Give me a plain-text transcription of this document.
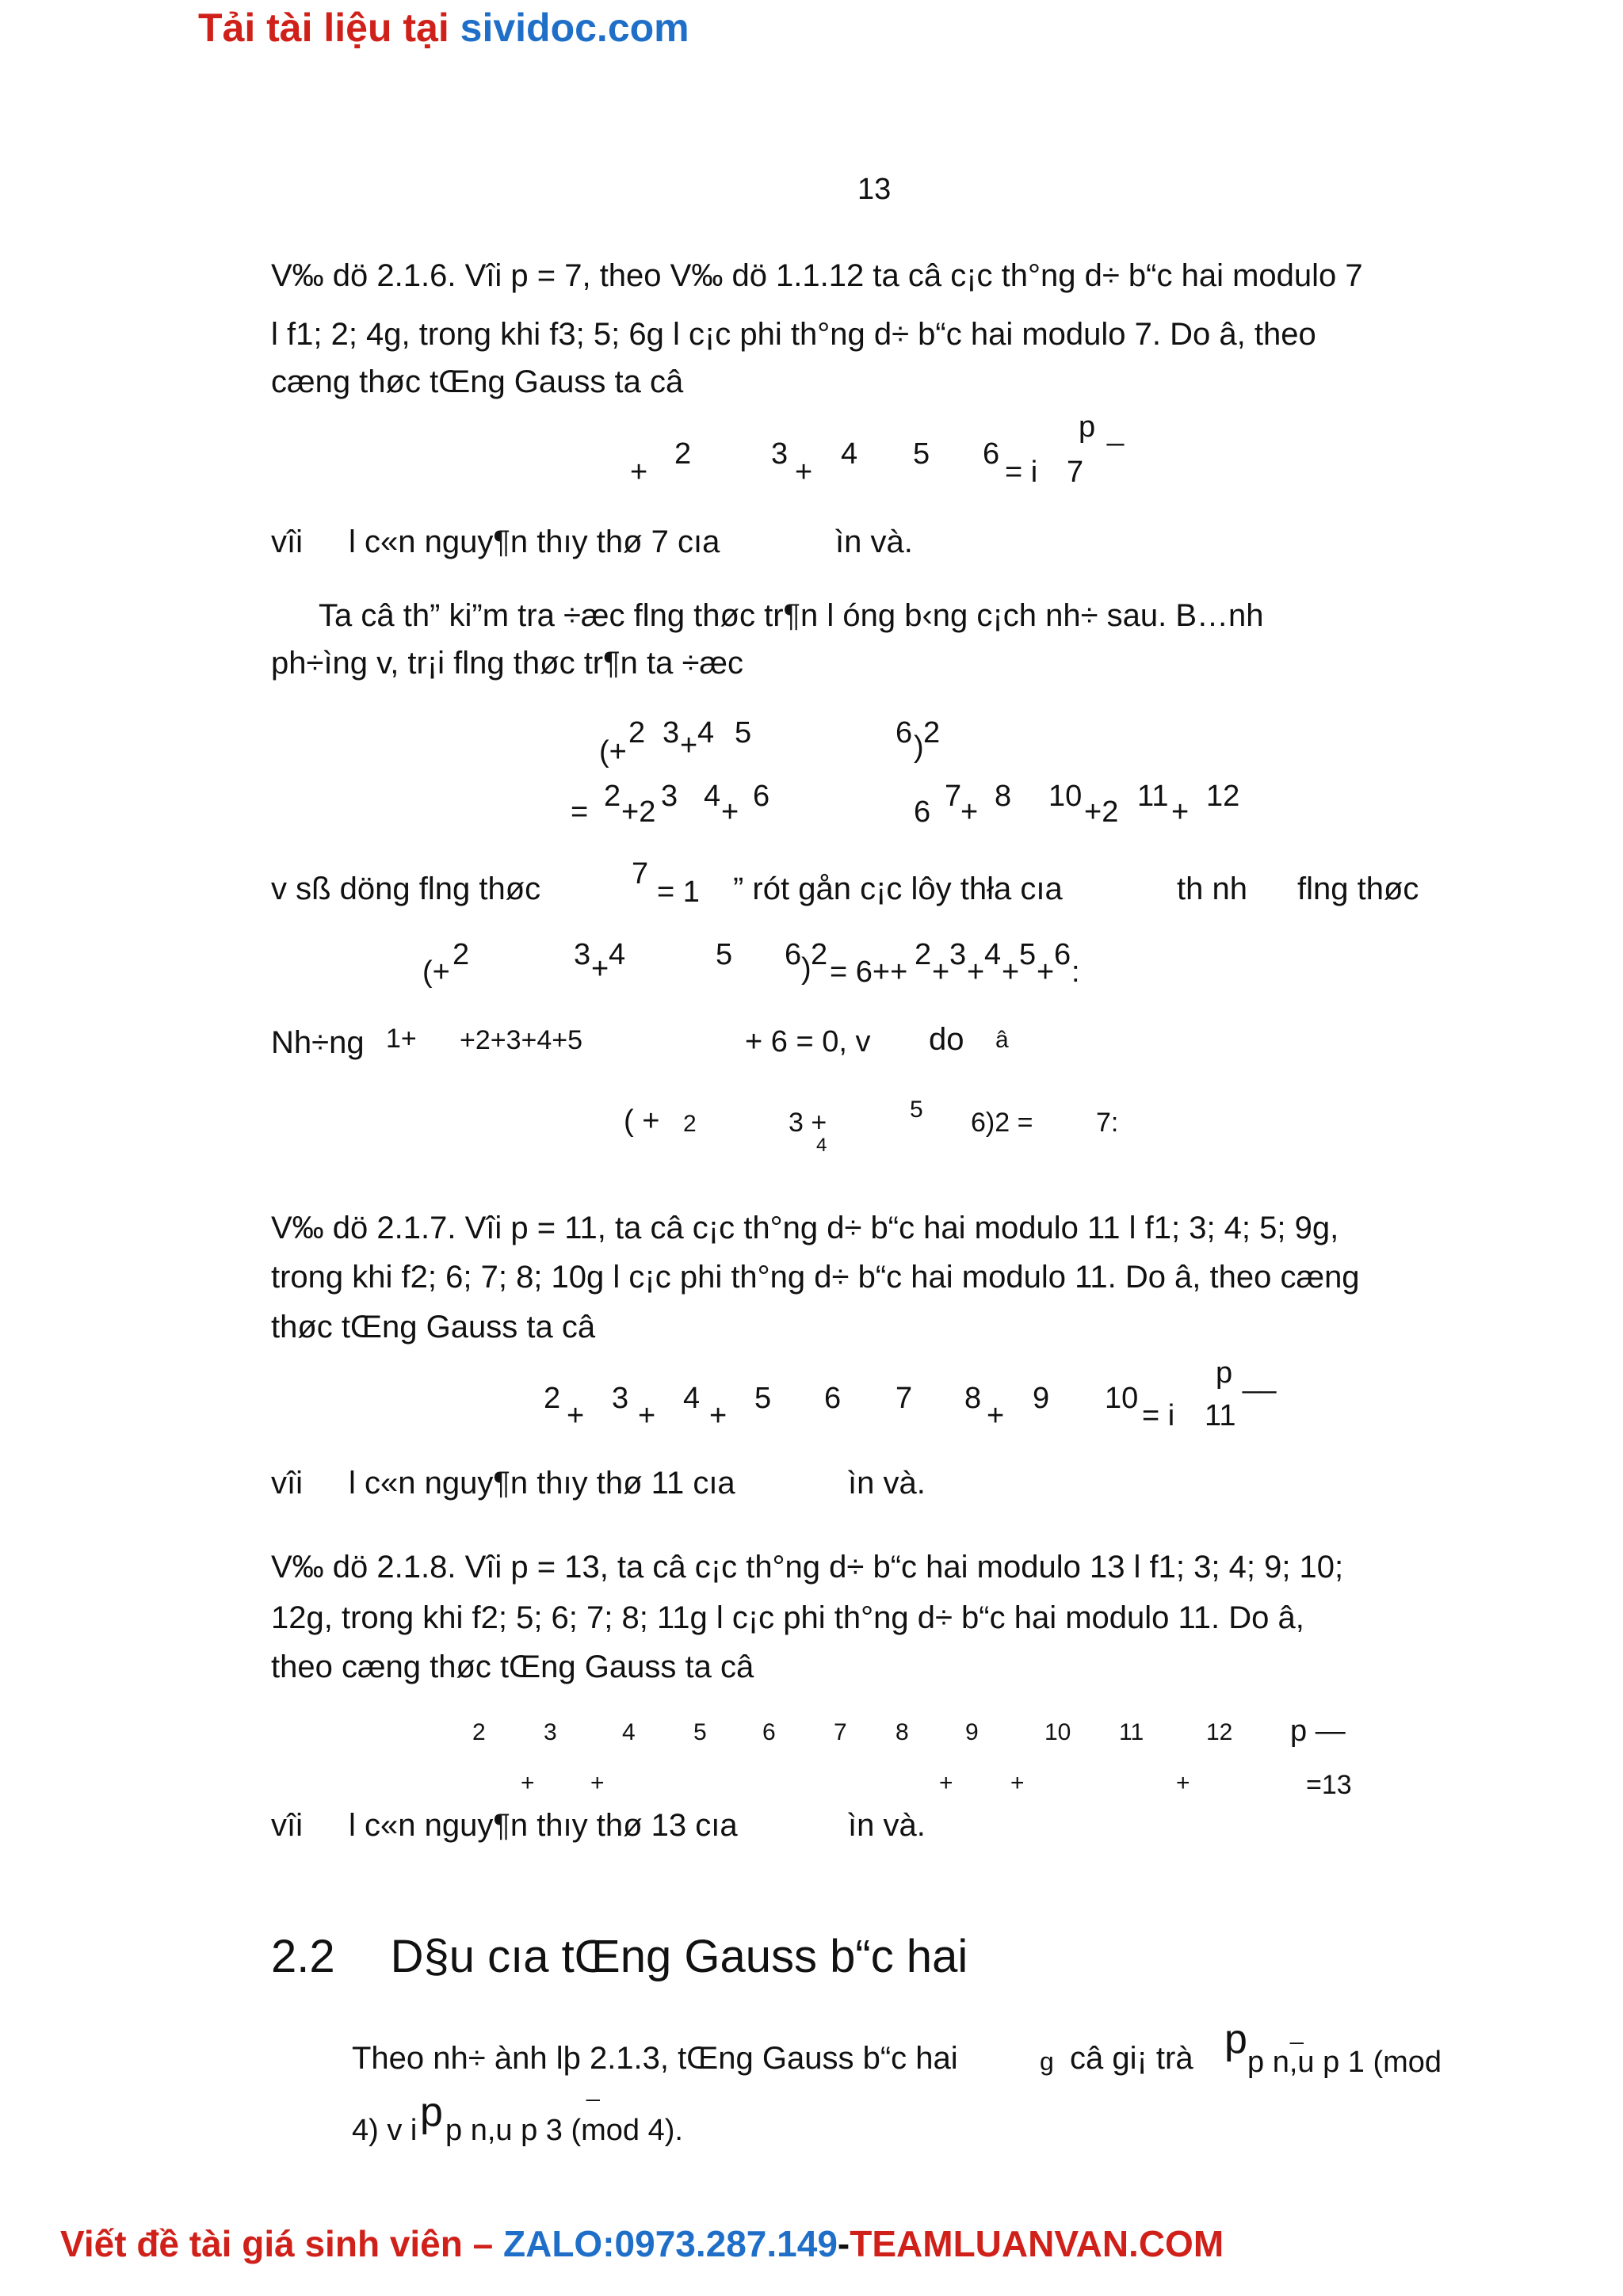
Tải tài liệu tại sividoc.com
13
V‰ dö 2.1.6. Vîi p = 7, theo V‰ dö 1.1.12 ta câ c¡c th°ng d÷ b“c hai modulo 7
l f1; 2; 4g, trong khi f3; 5; 6g l c¡c phi th°ng d÷ b“c hai modulo 7. Do â, theo
cæng thøc tŒng Gauss ta câ
p _
+
2	3
+
4 5 6
= i 7
vîi l c«n nguy¶n thıy thø 7 cıa	ìn và.
Ta câ th” ki”m tra ÷æc flng thøc tr¶n l óng b‹ng c¡ch nh÷ sau. B…nh
ph÷ìng v, tr¡i flng thøc tr¶n ta ÷æc
(+
2 3 + 4 5	6 ) 2
= 2 +2 3 4 + 6	6 7
+ 8 10 +2 11 + 12
v sß döng flng thøc	7
= 1 ” rót gån c¡c lôy thła cıa	th nh flng thøc
(+
2	3 + 4	5 6 ) 2
= 6++
2
+
3
+
4
+
5
+
6
:
Nh÷ng 1+ +2+3+4+5	+ 6 = 0, v do â
( + 2	3 +
4
5 6)2 = 7:
V‰ dö 2.1.7. Vîi p = 11, ta câ c¡c th°ng d÷ b“c hai modulo 11 l f1; 3; 4; 5; 9g,
trong khi f2; 6; 7; 8; 10g l c¡c phi th°ng d÷ b“c hai modulo 11. Do â, theo cæng
thøc tŒng Gauss ta câ
p __
2
+
3
+
4
+
5 6 7 8
+
9 10
= i 11
vîi l c«n nguy¶n thıy thø 11 cıa	ìn và.
V‰ dö 2.1.8. Vîi p = 13, ta câ c¡c th°ng d÷ b“c hai modulo 13 l f1; 3; 4; 9; 10;
12g, trong khi f2; 5; 6; 7; 8; 11g l c¡c phi th°ng d÷ b“c hai modulo 11. Do â,
theo cæng thøc tŒng Gauss ta câ
2 3	4 5 6 7 8 9	10 11	12 p —
+ +	+ +	+	=13
vîi l c«n nguy¶n thıy thø 13 cıa	ìn và.
2.2 D§u cıa tŒng Gauss b“c hai
Theo nh÷ ành lþ 2.1.3, tŒng Gauss b“c hai	g câ gi¡ trà p _
p n,u p 1 (mod
4) v i p
_
p n,u p 3 (mod 4).
Viết đề tài giá sinh viên – ZALO:0973.287.149-TEAMLUANVAN.COM
